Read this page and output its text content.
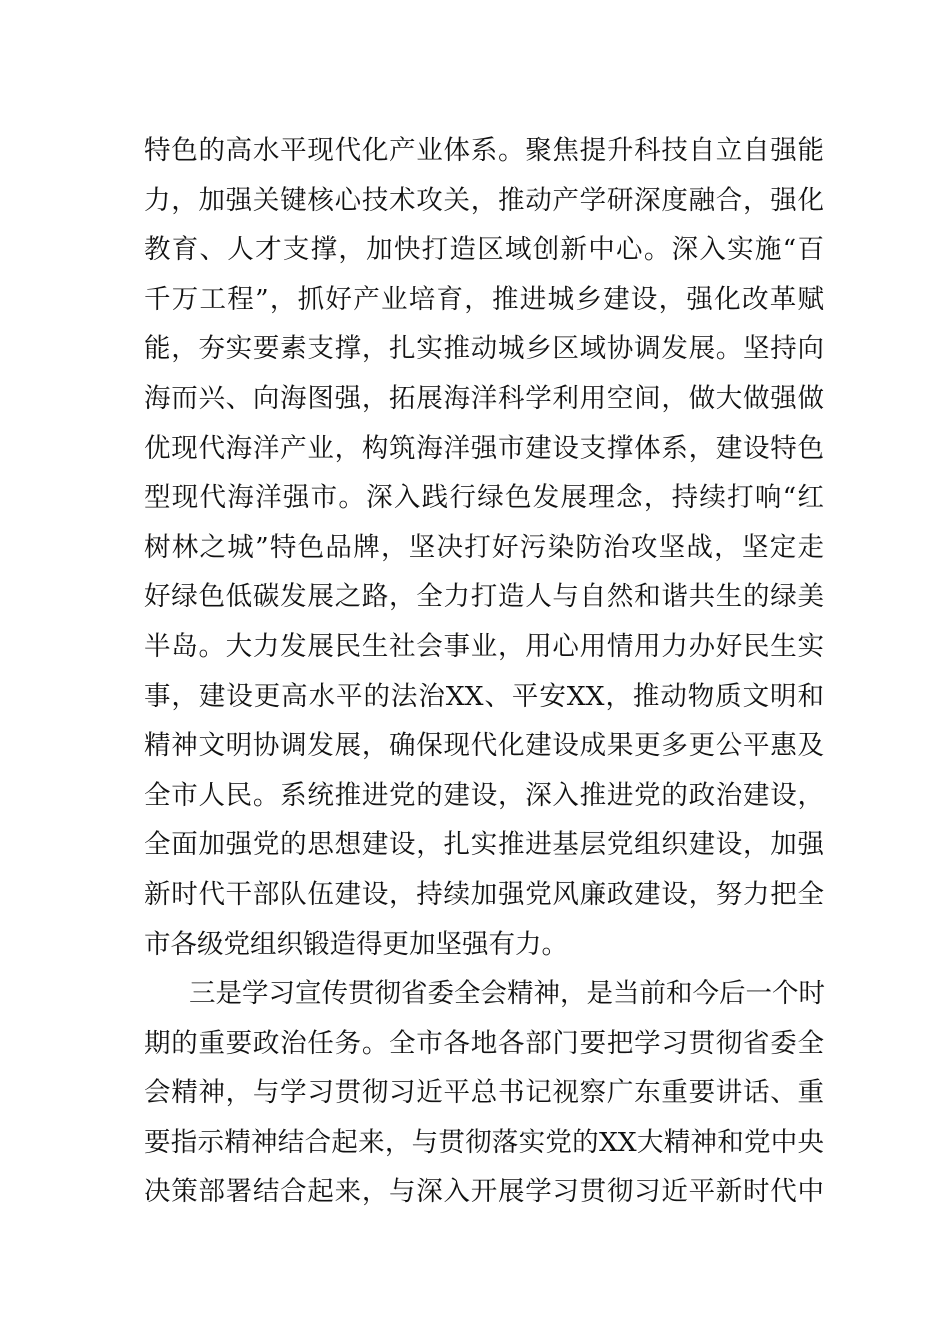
特色的高水平现代化产业体系。聚焦提升科技自立自强能
力，加强关键核心技术攻关，推动产学研深度融合，强化
教育、人才支撑，加快打造区域创新中心。深入实施“百
千万工程”，抓好产业培育，推进城乡建设，强化改革赋
能，夯实要素支撑，扎实推动城乡区域协调发展。坚持向
海而兴、向海图强，拓展海洋科学利用空间，做大做强做
优现代海洋产业，构筑海洋强市建设支撑体系，建设特色
型现代海洋强市。深入践行绿色发展理念，持续打响“红
树林之城”特色品牌，坚决打好污染防治攻坚战，坚定走
好绿色低碳发展之路，全力打造人与自然和谐共生的绿美
半岛。大力发展民生社会事业，用心用情用力办好民生实
事，建设更高水平的法治XX、平安XX，推动物质文明和
精神文明协调发展，确保现代化建设成果更多更公平惠及
全市人民。系统推进党的建设，深入推进党的政治建设，
全面加强党的思想建设，扎实推进基层党组织建设，加强
新时代干部队伍建设，持续加强党风廉政建设，努力把全
市各级党组织锻造得更加坚强有力。
三是学习宣传贯彻省委全会精神，是当前和今后一个时
期的重要政治任务。全市各地各部门要把学习贯彻省委全
会精神，与学习贯彻习近平总书记视察广东重要讲话、重
要指示精神结合起来，与贯彻落实党的XX大精神和党中央
决策部署结合起来，与深入开展学习贯彻习近平新时代中
